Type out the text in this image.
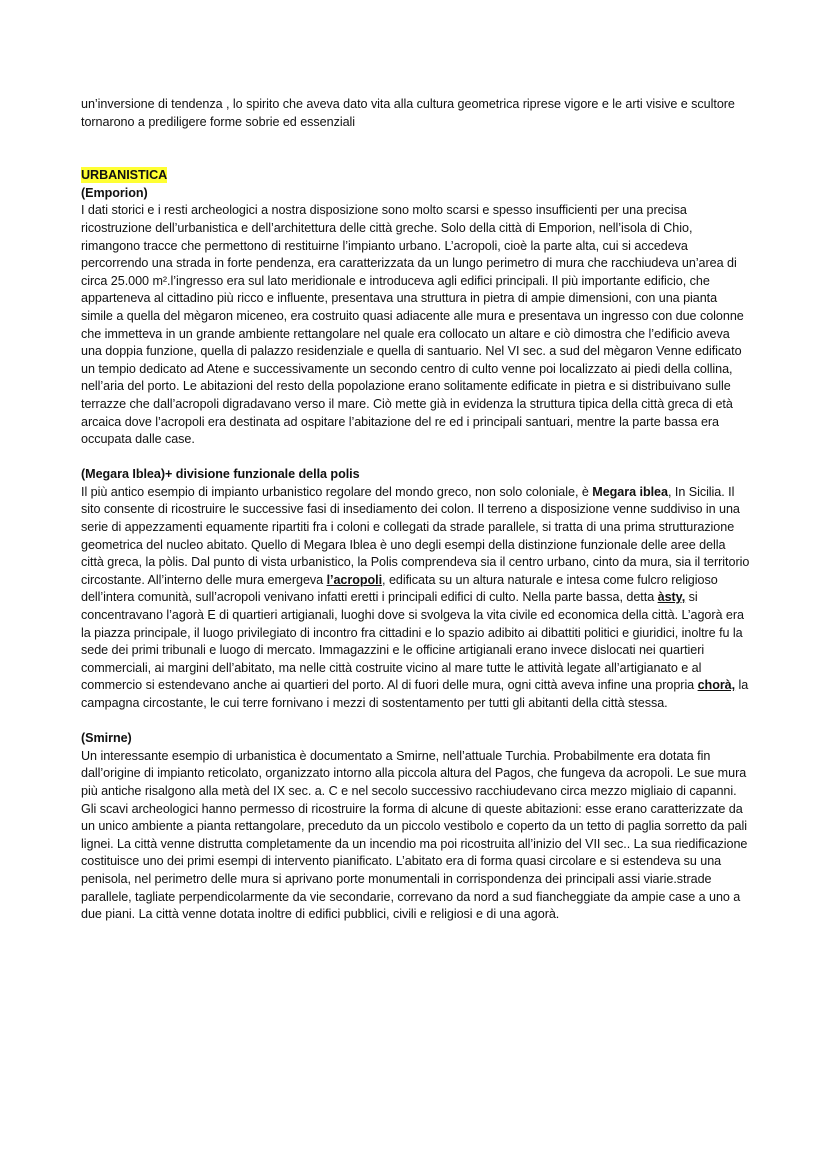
un’inversione di tendenza , lo spirito che aveva dato vita alla cultura geometrica riprese vigore e le arti visive e scultore tornarono a prediligere forme sobrie ed essenziali

URBANISTICA

(Emporion)

I dati storici e i resti archeologici a nostra disposizione sono molto scarsi e spesso insufficienti per una precisa ricostruzione dell’urbanistica e dell’architettura delle città greche. Solo della città di Emporion, nell’isola di Chio, rimangono tracce che permettono di restituirne l’impianto urbano. L’acropoli, cioè la parte alta, cui si accedeva percorrendo una strada in forte pendenza, era caratterizzata da un lungo perimetro di mura che racchiudeva un’area di circa 25.000 m².l’ingresso era sul lato meridionale e introduceva agli edifici principali. Il più importante edificio, che apparteneva al cittadino più ricco e influente, presentava una struttura in pietra di ampie dimensioni, con una pianta simile a quella del mègaron miceneo, era costruito quasi adiacente alle mura e presentava un ingresso con due colonne che immetteva in un grande ambiente rettangolare nel quale era collocato un altare e ciò dimostra che l’edificio aveva una doppia funzione, quella di palazzo residenziale e quella di santuario. Nel VI sec. a sud del mègaron Venne edificato un tempio dedicato ad Atene e successivamente un secondo centro di culto venne poi localizzato ai piedi della collina, nell’aria del porto. Le abitazioni del resto della popolazione erano solitamente edificate in pietra e si distribuivano sulle terrazze che dall’acropoli digradavano verso il mare. Ciò mette già in evidenza la struttura tipica della città greca di età arcaica dove l’acropoli era destinata ad ospitare l’abitazione del re ed i principali santuari, mentre la parte bassa era occupata dalle case.

(Megara Iblea)+ divisione funzionale della polis

Il più antico esempio di impianto urbanistico regolare del mondo greco, non solo coloniale, è Megara iblea, In Sicilia. Il sito consente di ricostruire le successive fasi di insediamento dei colon. Il terreno a disposizione venne suddiviso in una serie di appezzamenti equamente ripartiti fra i coloni e collegati da strade parallele, si tratta di una prima strutturazione geometrica del nucleo abitato. Quello di Megara Iblea è uno degli esempi della distinzione funzionale delle aree della città greca, la pòlis. Dal punto di vista urbanistico, la Polis comprendeva sia il centro urbano, cinto da mura, sia il territorio circostante. All’interno delle mura emergeva l’acropoli, edificata su un altura naturale e intesa come fulcro religioso dell’intera comunità, sull’acropoli venivano infatti eretti i principali edifici di culto. Nella parte bassa, detta àsty, si concentravano l’agorà E di quartieri artigianali, luoghi dove si svolgeva la vita civile ed economica della città. L’agorà era la piazza principale, il luogo privilegiato di incontro fra cittadini e lo spazio adibito ai dibattiti politici e giuridici, inoltre fu la sede dei primi tribunali e luogo di mercato. Immagazzini e le officine artigianali erano invece dislocati nei quartieri commerciali, ai margini dell’abitato, ma nelle città costruite vicino al mare tutte le attività legate all’artigianato e al commercio si estendevano anche ai quartieri del porto. Al di fuori delle mura, ogni città aveva infine una propria chorà, la campagna circostante, le cui terre fornivano i mezzi di sostentamento per tutti gli abitanti della città stessa.

(Smirne)

Un interessante esempio di urbanistica è documentato a Smirne, nell’attuale Turchia. Probabilmente era dotata fin dall’origine di impianto reticolato, organizzato intorno alla piccola altura del Pagos, che fungeva da acropoli. Le sue mura più antiche risalgono alla metà del IX sec. a. C e nel secolo successivo racchiudevano circa mezzo migliaio di capanni. Gli scavi archeologici hanno permesso di ricostruire la forma di alcune di queste abitazioni: esse erano caratterizzate da un unico ambiente a pianta rettangolare, preceduto da un piccolo vestibolo e coperto da un tetto di paglia sorretto da pali lignei. La città venne distrutta completamente da un incendio ma poi ricostruita all’inizio del VII sec.. La sua riedificazione costituisce uno dei primi esempi di intervento pianificato. L’abitato era di forma quasi circolare e si estendeva su una penisola, nel perimetro delle mura si aprivano porte monumentali in corrispondenza dei principali assi viarie.strade parallele, tagliate perpendicolarmente da vie secondarie, correvano da nord a sud fiancheggiate da ampie case a uno a due piani. La città venne dotata inoltre di edifici pubblici, civili e religiosi e di una agorà.
